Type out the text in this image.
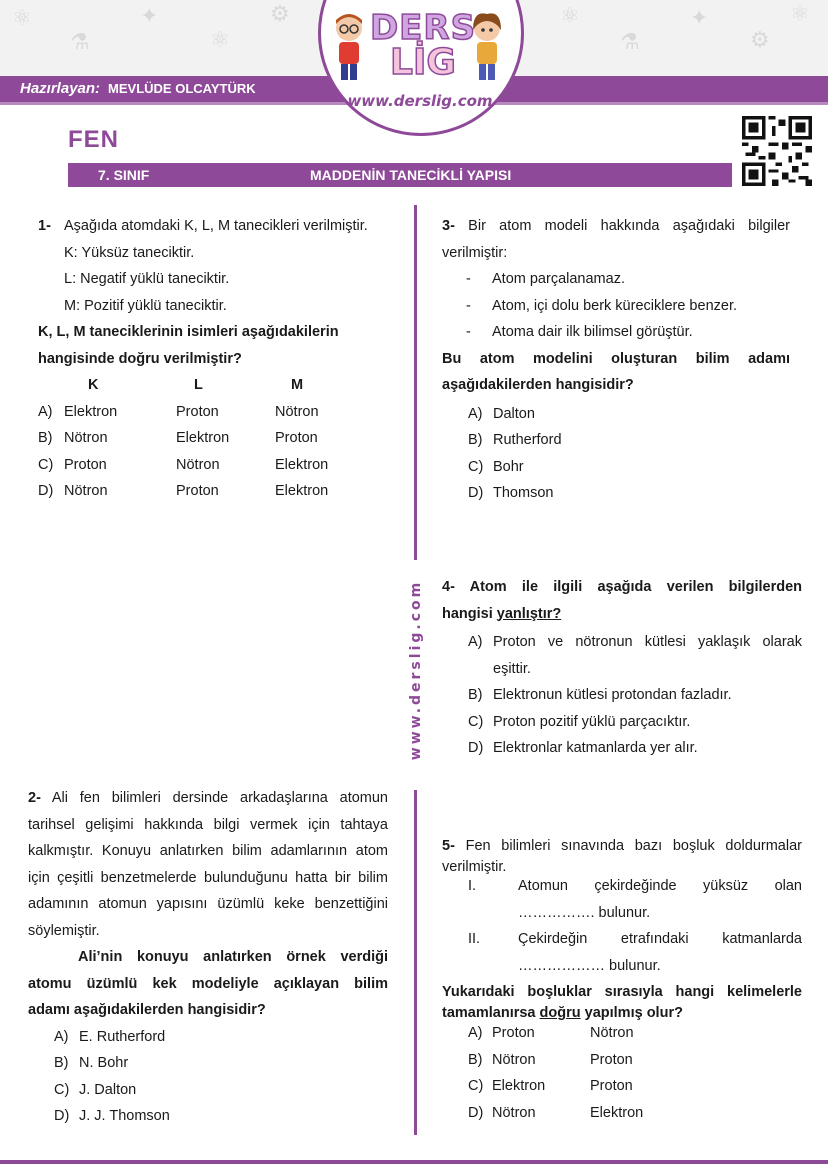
⚛
⚗
✦
⚛
⚙	⚛
⚗
✦
⚙
⚛
Hazırlayan: MEVLÜDE OLCAYTÜRK
DERS
LİG
www.derslig.com
FEN
7. SINIF	MADDENİN TANECİKLİ YAPISI
www.derslig.com
1- Aşağıda atomdaki K, L, M tanecikleri verilmiştir.
K: Yüksüz taneciktir.
L: Negatif yüklü taneciktir.
M: Pozitif yüklü taneciktir.
K, L, M taneciklerinin isimleri aşağıdakilerin
hangisinde doğru verilmiştir?
K	L	M
A) Elektron	Proton	Nötron
B) Nötron	Elektron	Proton
C) Proton	Nötron	Elektron
D) Nötron	Proton	Elektron
2- Ali fen bilimleri dersinde arkadaşlarına atomun
tarihsel gelişimi hakkında bilgi vermek için tahtaya
kalkmıştır. Konuyu anlatırken bilim adamlarının atom
için çeşitli benzetmelerde bulunduğunu hatta bir bilim
adamının atomun yapısını üzümlü keke benzettiğini
söylemiştir.
Ali’nin konuyu anlatırken örnek verdiği
atomu üzümlü kek modeliyle açıklayan bilim
adamı aşağıdakilerden hangisidir?
A) E. Rutherford
B) N. Bohr
C) J. Dalton
D) J. J. Thomson
3- Bir atom modeli hakkında aşağıdaki bilgiler
verilmiştir:
- Atom parçalanamaz.
- Atom, içi dolu berk küreciklere benzer.
- Atoma dair ilk bilimsel görüştür.
Bu atom modelini oluşturan bilim adamı
aşağıdakilerden hangisidir?
A) Dalton
B) Rutherford
C) Bohr
D) Thomson
4- Atom ile ilgili aşağıda verilen bilgilerden
hangisi yanlıştır?
A) Proton ve nötronun kütlesi yaklaşık olarak
eşittir.
B) Elektronun kütlesi protondan fazladır.
C) Proton pozitif yüklü parçacıktır.
D) Elektronlar katmanlarda yer alır.
5- Fen bilimleri sınavında bazı boşluk doldurmalar
verilmiştir.
I.	Atomun çekirdeğinde yüksüz olan
……………. bulunur.
II.	Çekirdeğin etrafındaki katmanlarda
……………… bulunur.
Yukarıdaki boşluklar sırasıyla hangi kelimelerle
tamamlanırsa doğru yapılmış olur?
A) Proton	Nötron
B) Nötron	Proton
C) Elektron	Proton
D) Nötron	Elektron
